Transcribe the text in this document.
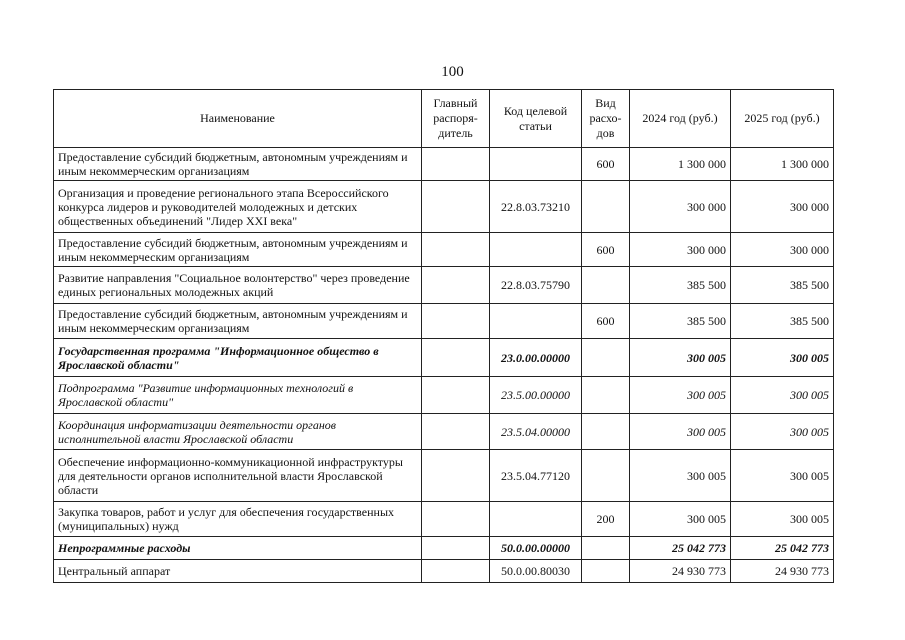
100
Наименование	Главный распоря-дитель	Код целевой статьи	Вид расхо-дов	2024 год (руб.)	2025 год (руб.)
Предоставление субсидий бюджетным, автономным учреждениям и иным некоммерческим организациям			600	1 300 000	1 300 000
Организация и проведение регионального этапа Всероссийского конкурса лидеров и руководителей молодежных и детских общественных объединений "Лидер XXI века"		22.8.03.73210		300 000	300 000
Предоставление субсидий бюджетным, автономным учреждениям и иным некоммерческим организациям			600	300 000	300 000
Развитие направления "Социальное волонтерство" через проведение единых региональных молодежных акций		22.8.03.75790		385 500	385 500
Предоставление субсидий бюджетным, автономным учреждениям и иным некоммерческим организациям			600	385 500	385 500
Государственная программа "Информационное общество в Ярославской области"		23.0.00.00000		300 005	300 005
Подпрограмма "Развитие информационных технологий в Ярославской области"		23.5.00.00000		300 005	300 005
Координация информатизации деятельности органов исполнительной власти Ярославской области		23.5.04.00000		300 005	300 005
Обеспечение информационно-коммуникационной инфраструктуры для деятельности органов исполнительной власти Ярославской области		23.5.04.77120		300 005	300 005
Закупка товаров, работ и услуг для обеспечения государственных (муниципальных) нужд			200	300 005	300 005
Непрограммные расходы		50.0.00.00000		25 042 773	25 042 773
Центральный аппарат		50.0.00.80030		24 930 773	24 930 773
